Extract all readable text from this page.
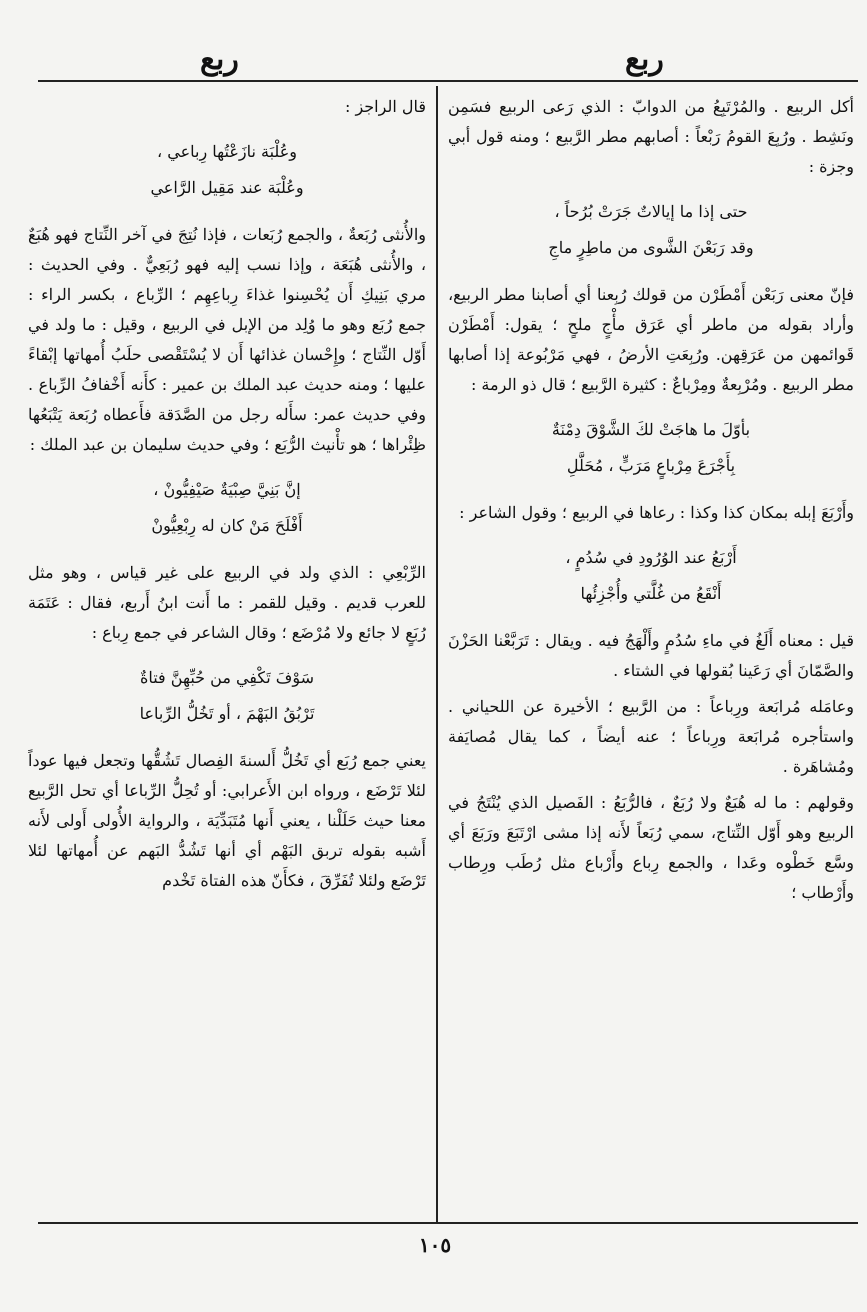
ربع
ربع

أكل الربيع . والمُرْتَبِعُ من الدوابّ : الذي رَعى الربيع فسَمِن ونَشِط . ورُبِعَ القومُ رَبْعاً : أصابهم مطر الرَّبيع ؛ ومنه قول أبي وجزة :

حتى إذا ما إيالاتٌ جَرَتْ بُرُحاً ،
وقد رَبَعْنَ الشَّوى من ماطِرٍ ماجِ

فإنّ معنى رَبَعْن أَمْطَرْن من قولك رُبِعنا أي أصابنا مطر الربيع، وأراد بقوله من ماطر أي عَرَق مأْجٍ ملحٍ ؛ يقول: أَمْطَرْن قَوائمهن من عَرَقِهن. ورُبِعَتِ الأرضُ ، فهي مَرْبُوعة إذا أصابها مطر الربيع . ومُرْبِعةٌ ومِرْباعٌ : كثيرة الرَّبيع ؛ قال ذو الرمة :

بأوّلَ ما هاجَتْ لكَ الشَّوْقَ دِمْنَةٌ
بِأَجْرَعَ مِرْباعٍ مَرَبٍّ ، مُحَلَّلِ

وأَرْبَعَ إبله بمكان كذا وكذا : رعاها في الربيع ؛ وقول الشاعر :

أَرْبَعُ عند الوُرُودِ في سُدُمٍ ،
أَنْقَعُ من غُلَّتي وأُجْزِئُها

قيل : معناه أَلَغُ في ماءِ سُدُمٍ وأَلْهَجُ فيه . ويقال : تَرَبَّعْنا الحَزْنَ والصَّمّانَ أي رَعَينا بُقولها في الشتاء .

وعامَله مُرابَعة ورِباعاً : من الرَّبيع ؛ الأخيرة عن اللحياني . واستأجره مُرابَعة ورِباعاً ؛ عنه أيضاً ، كما يقال مُصايَفة ومُشاهَرة .

وقولهم : ما له هُبَعٌ ولا رُبَعٌ ، فالرُّبَعُ : الفَصيل الذي يُنْتَجُ في الربيع وهو أَوّل النِّتاج، سمي رُبَعاً لأَنه إذا مشى ارْتَبَعَ ورَبَعَ أي وسَّع خَطْوه وعَدا ، والجمع رِباع وأَرْباع مثل رُطَب ورِطاب وأَرْطاب ؛

قال الراجز :

وعُلْبَة نازَعْتُها رِباعي ،
وعُلْبَة عند مَقِيل الرَّاعي

والأُنثى رُبَعةٌ ، والجمع رُبَعات ، فإذا نُتِجَ في آخر النِّتاج فهو هُبَعٌ ، والأُنثى هُبَعَة ، وإذا نسب إليه فهو رُبَعِيٌّ . وفي الحديث : مري بَنِيكِ أَن يُحْسِنوا غذاءَ رِباعِهِم ؛ الرِّباع ، بكسر الراء : جمع رُبَع وهو ما وُلِد من الإبل في الربيع ، وقيل : ما ولد في أَوّل النِّتاج ؛ وإِحْسان غذائها أَن لا يُسْتَقْصى حلَبُ أُمهاتها إبْقاءً عليها ؛ ومنه حديث عبد الملك بن عمير : كأَنه أَخْفافُ الرِّباع . وفي حديث عمر: سأَله رجل من الصَّدَقة فأَعطاه رُبَعة يَتْبَعُها ظِئْراها ؛ هو تأْنيث الرُّبَع ؛ وفي حديث سليمان بن عبد الملك :

إنَّ بَنِيَّ صِبْيَةٌ صَيْفِيُّونْ ،
أَفْلَحَ مَنْ كان له رِبْعِيُّونْ

الرِّبْعِي : الذي ولد في الربيع على غير قياس ، وهو مثل للعرب قديم . وقيل للقمر : ما أَنت ابنُ أَربع، فقال : عَتَمَة رُبَعٍ لا جائع ولا مُرْضَع ؛ وقال الشاعر في جمع رِباع :

سَوْفَ تَكْفِي من حُبِّهِنَّ فتاةٌ
تَرْبُقُ البَهْمَ ، أو تَخُلُّ الرِّباعا

يعني جمع رُبَع أي تَخُلُّ أَلسنةَ الفِصال تَشُقُّها وتجعل فيها عوداً لئلا تَرْضَع ، ورواه ابن الأَعرابي: أو تُحِلُّ الرِّباعا أي تحل الرَّبيع معنا حيث حَلَلْنا ، يعني أَنها مُتَبَدِّيَة ، والرواية الأُولى أَولى لأَنه أَشبه بقوله تربق البَهْم أي أنها تَشُدُّ البَهم عن أُمهاتها لئلا تَرْضَع ولئلا تُفَرِّقَ ، فكأَنّ هذه الفتاة تَخْدم

١٠٥
